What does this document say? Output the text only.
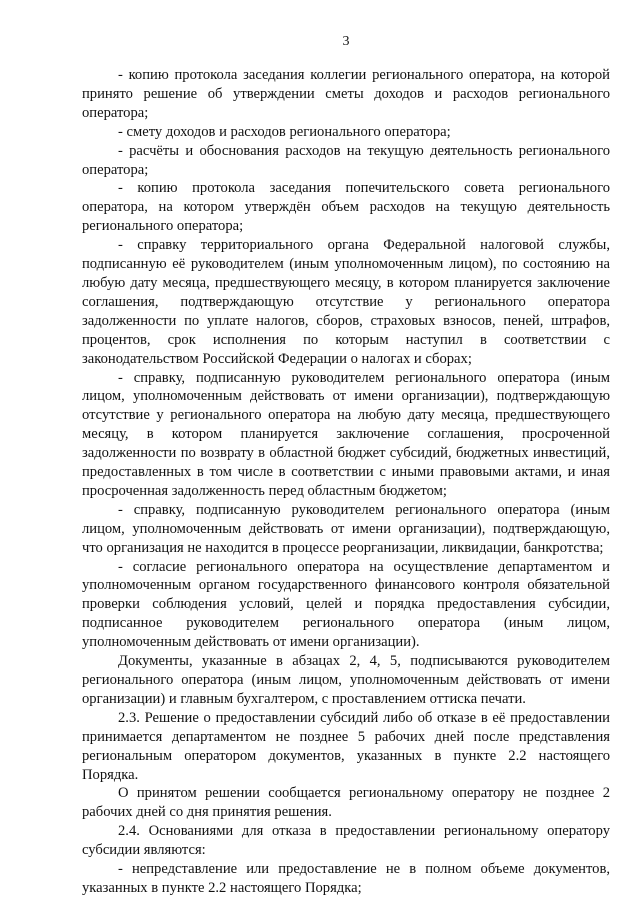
3

- копию протокола заседания коллегии регионального оператора, на которой принято решение об утверждении сметы доходов и расходов регионального оператора;

- смету доходов и расходов регионального оператора;

- расчёты и обоснования расходов на текущую деятельность регионального оператора;

- копию протокола заседания попечительского совета регионального оператора, на котором утверждён объем расходов на текущую деятельность регионального оператора;

- справку территориального органа Федеральной налоговой службы, подписанную её руководителем (иным уполномоченным лицом), по состоянию на любую дату месяца, предшествующего месяцу, в котором планируется заключение соглашения, подтверждающую отсутствие у регионального оператора задолженности по уплате налогов, сборов, страховых взносов, пеней, штрафов, процентов, срок исполнения по которым наступил в соответствии с законодательством Российской Федерации о налогах и сборах;

- справку, подписанную руководителем регионального оператора (иным лицом, уполномоченным действовать от имени организации), подтверждающую отсутствие у регионального оператора на любую дату месяца, предшествующего месяцу, в котором планируется заключение соглашения, просроченной задолженности по возврату в областной бюджет субсидий, бюджетных инвестиций, предоставленных в том числе в соответствии с иными правовыми актами, и иная просроченная задолженность перед областным бюджетом;

- справку, подписанную руководителем регионального оператора (иным лицом, уполномоченным действовать от имени организации), подтверждающую, что организация не находится в процессе реорганизации, ликвидации, банкротства;

- согласие регионального оператора на осуществление департаментом и уполномоченным органом государственного финансового контроля обязательной проверки соблюдения условий, целей и порядка предоставления субсидии, подписанное руководителем регионального оператора (иным лицом, уполномоченным действовать от имени организации).

Документы, указанные в абзацах 2, 4, 5, подписываются руководителем регионального оператора (иным лицом, уполномоченным действовать от имени организации) и главным бухгалтером, с проставлением оттиска печати.

2.3. Решение о предоставлении субсидий либо об отказе в её предоставлении принимается департаментом не позднее 5 рабочих дней после представления региональным оператором документов, указанных в пункте 2.2 настоящего Порядка.

О принятом решении сообщается региональному оператору не позднее 2 рабочих дней со дня принятия решения.

2.4. Основаниями для отказа в предоставлении региональному оператору субсидии являются:

- непредставление или предоставление не в полном объеме документов, указанных в пункте 2.2 настоящего Порядка;
